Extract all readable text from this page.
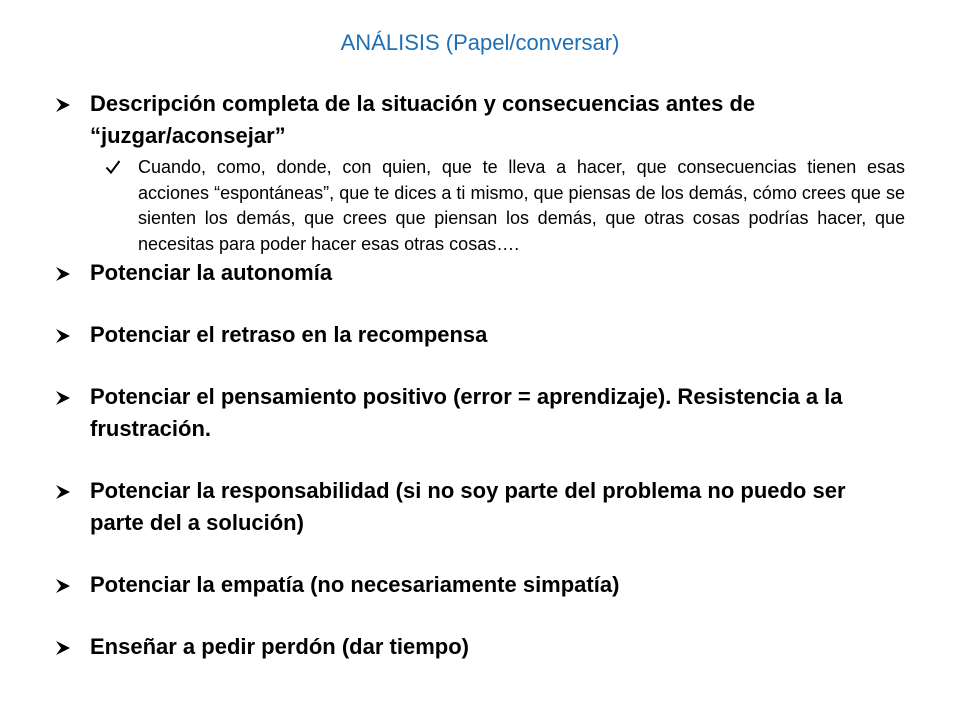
ANÁLISIS (Papel/conversar)
Descripción completa de la situación y consecuencias antes de “juzgar/aconsejar”
Cuando, como, donde, con quien, que te lleva a hacer, que consecuencias tienen esas acciones “espontáneas”, que te dices a ti mismo, que piensas de los demás, cómo crees que se sienten los demás, que crees que piensan los demás, que otras cosas podrías hacer, que necesitas para poder hacer esas otras cosas….
Potenciar la autonomía
Potenciar el retraso en la recompensa
Potenciar el pensamiento positivo (error = aprendizaje). Resistencia a la frustración.
Potenciar la responsabilidad (si no soy parte del problema no puedo ser parte del a solución)
Potenciar la empatía (no necesariamente simpatía)
Enseñar a pedir perdón (dar tiempo)
